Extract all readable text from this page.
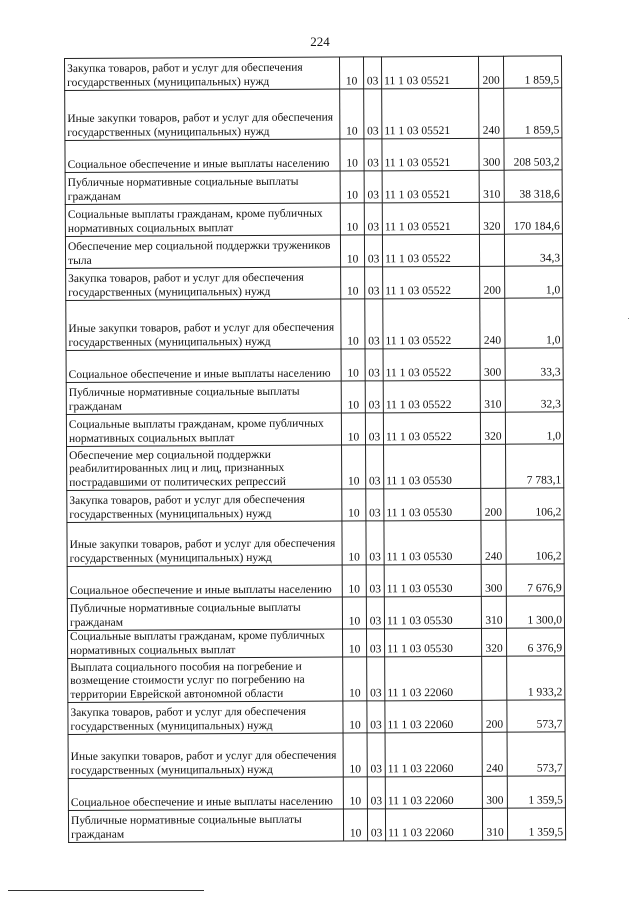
224
Закупка товаров, работ и услуг для обеспечения государственных (муниципальных) нужд	10	03	11 1 03 05521	200	1 859,5
Иные закупки товаров, работ и услуг для обеспечения государственных (муниципальных) нужд	10	03	11 1 03 05521	240	1 859,5
Социальное обеспечение и иные выплаты населению	10	03	11 1 03 05521	300	208 503,2
Публичные нормативные социальные выплаты гражданам	10	03	11 1 03 05521	310	38 318,6
Социальные выплаты гражданам, кроме публичных нормативных социальных выплат	10	03	11 1 03 05521	320	170 184,6
Обеспечение мер социальной поддержки тружеников тыла	10	03	11 1 03 05522		34,3
Закупка товаров, работ и услуг для обеспечения государственных (муниципальных) нужд	10	03	11 1 03 05522	200	1,0
Иные закупки товаров, работ и услуг для обеспечения государственных (муниципальных) нужд	10	03	11 1 03 05522	240	1,0
Социальное обеспечение и иные выплаты населению	10	03	11 1 03 05522	300	33,3
Публичные нормативные социальные выплаты гражданам	10	03	11 1 03 05522	310	32,3
Социальные выплаты гражданам, кроме публичных нормативных социальных выплат	10	03	11 1 03 05522	320	1,0
Обеспечение мер социальной поддержки реабилитированных лиц и лиц, признанных пострадавшими от политических репрессий	10	03	11 1 03 05530		7 783,1
Закупка товаров, работ и услуг для обеспечения государственных (муниципальных) нужд	10	03	11 1 03 05530	200	106,2
Иные закупки товаров, работ и услуг для обеспечения государственных (муниципальных) нужд	10	03	11 1 03 05530	240	106,2
Социальное обеспечение и иные выплаты населению	10	03	11 1 03 05530	300	7 676,9
Публичные нормативные социальные выплаты гражданам	10	03	11 1 03 05530	310	1 300,0
Социальные выплаты гражданам, кроме публичных нормативных социальных выплат	10	03	11 1 03 05530	320	6 376,9
Выплата социального пособия на погребение и возмещение стоимости услуг по погребению на территории Еврейской автономной области	10	03	11 1 03 22060		1 933,2
Закупка товаров, работ и услуг для обеспечения государственных (муниципальных) нужд	10	03	11 1 03 22060	200	573,7
Иные закупки товаров, работ и услуг для обеспечения государственных (муниципальных) нужд	10	03	11 1 03 22060	240	573,7
Социальное обеспечение и иные выплаты населению	10	03	11 1 03 22060	300	1 359,5
Публичные нормативные социальные выплаты гражданам	10	03	11 1 03 22060	310	1 359,5
